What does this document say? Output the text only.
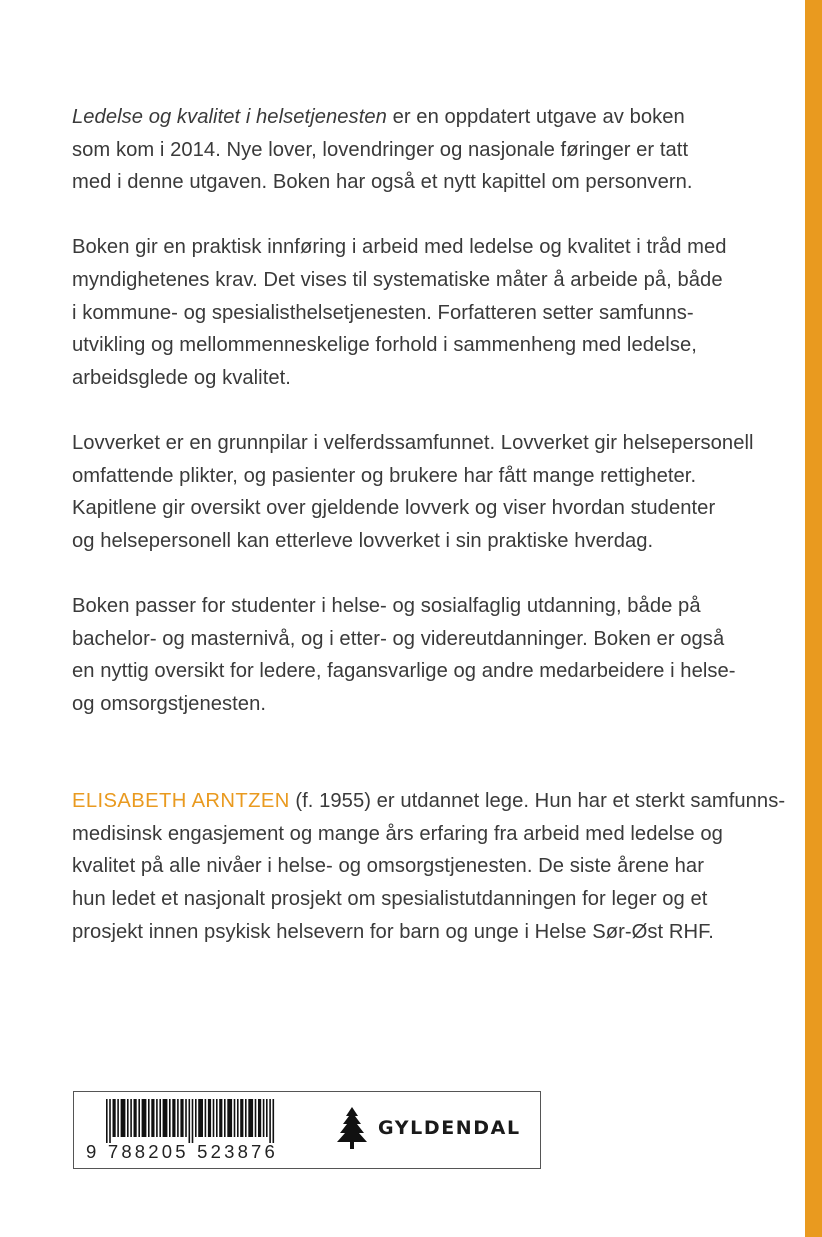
Ledelse og kvalitet i helsetjenesten er en oppdatert utgave av boken
som kom i 2014. Nye lover, lovendringer og nasjonale føringer er tatt
med i denne utgaven. Boken har også et nytt kapittel om personvern.

Boken gir en praktisk innføring i arbeid med ledelse og kvalitet i tråd med
myndighetenes krav. Det vises til systematiske måter å arbeide på, både
i kommune- og spesialisthelsetjenesten. Forfatteren setter samfunns-
utvikling og mellommenneskelige forhold i sammenheng med ledelse,
arbeidsglede og kvalitet.

Lovverket er en grunnpilar i velferdssamfunnet. Lovverket gir helsepersonell
omfattende plikter, og pasienter og brukere har fått mange rettigheter.
Kapitlene gir oversikt over gjeldende lovverk og viser hvordan studenter
og helsepersonell kan etterleve lovverket i sin praktiske hverdag.

Boken passer for studenter i helse- og sosialfaglig utdanning, både på
bachelor- og masternivå, og i etter- og videreutdanninger. Boken er også
en nyttig oversikt for ledere, fagansvarlige og andre medarbeidere i helse-
og omsorgstjenesten.

ELISABETH ARNTZEN (f. 1955) er utdannet lege. Hun har et sterkt samfunns-
medisinsk engasjement og mange års erfaring fra arbeid med ledelse og
kvalitet på alle nivåer i helse- og omsorgstjenesten. De siste årene har
hun ledet et nasjonalt prosjekt om spesialistutdanningen for leger og et
prosjekt innen psykisk helsevern for barn og unge i Helse Sør-Øst RHF.

9 788205 523876
GYLDENDAL
